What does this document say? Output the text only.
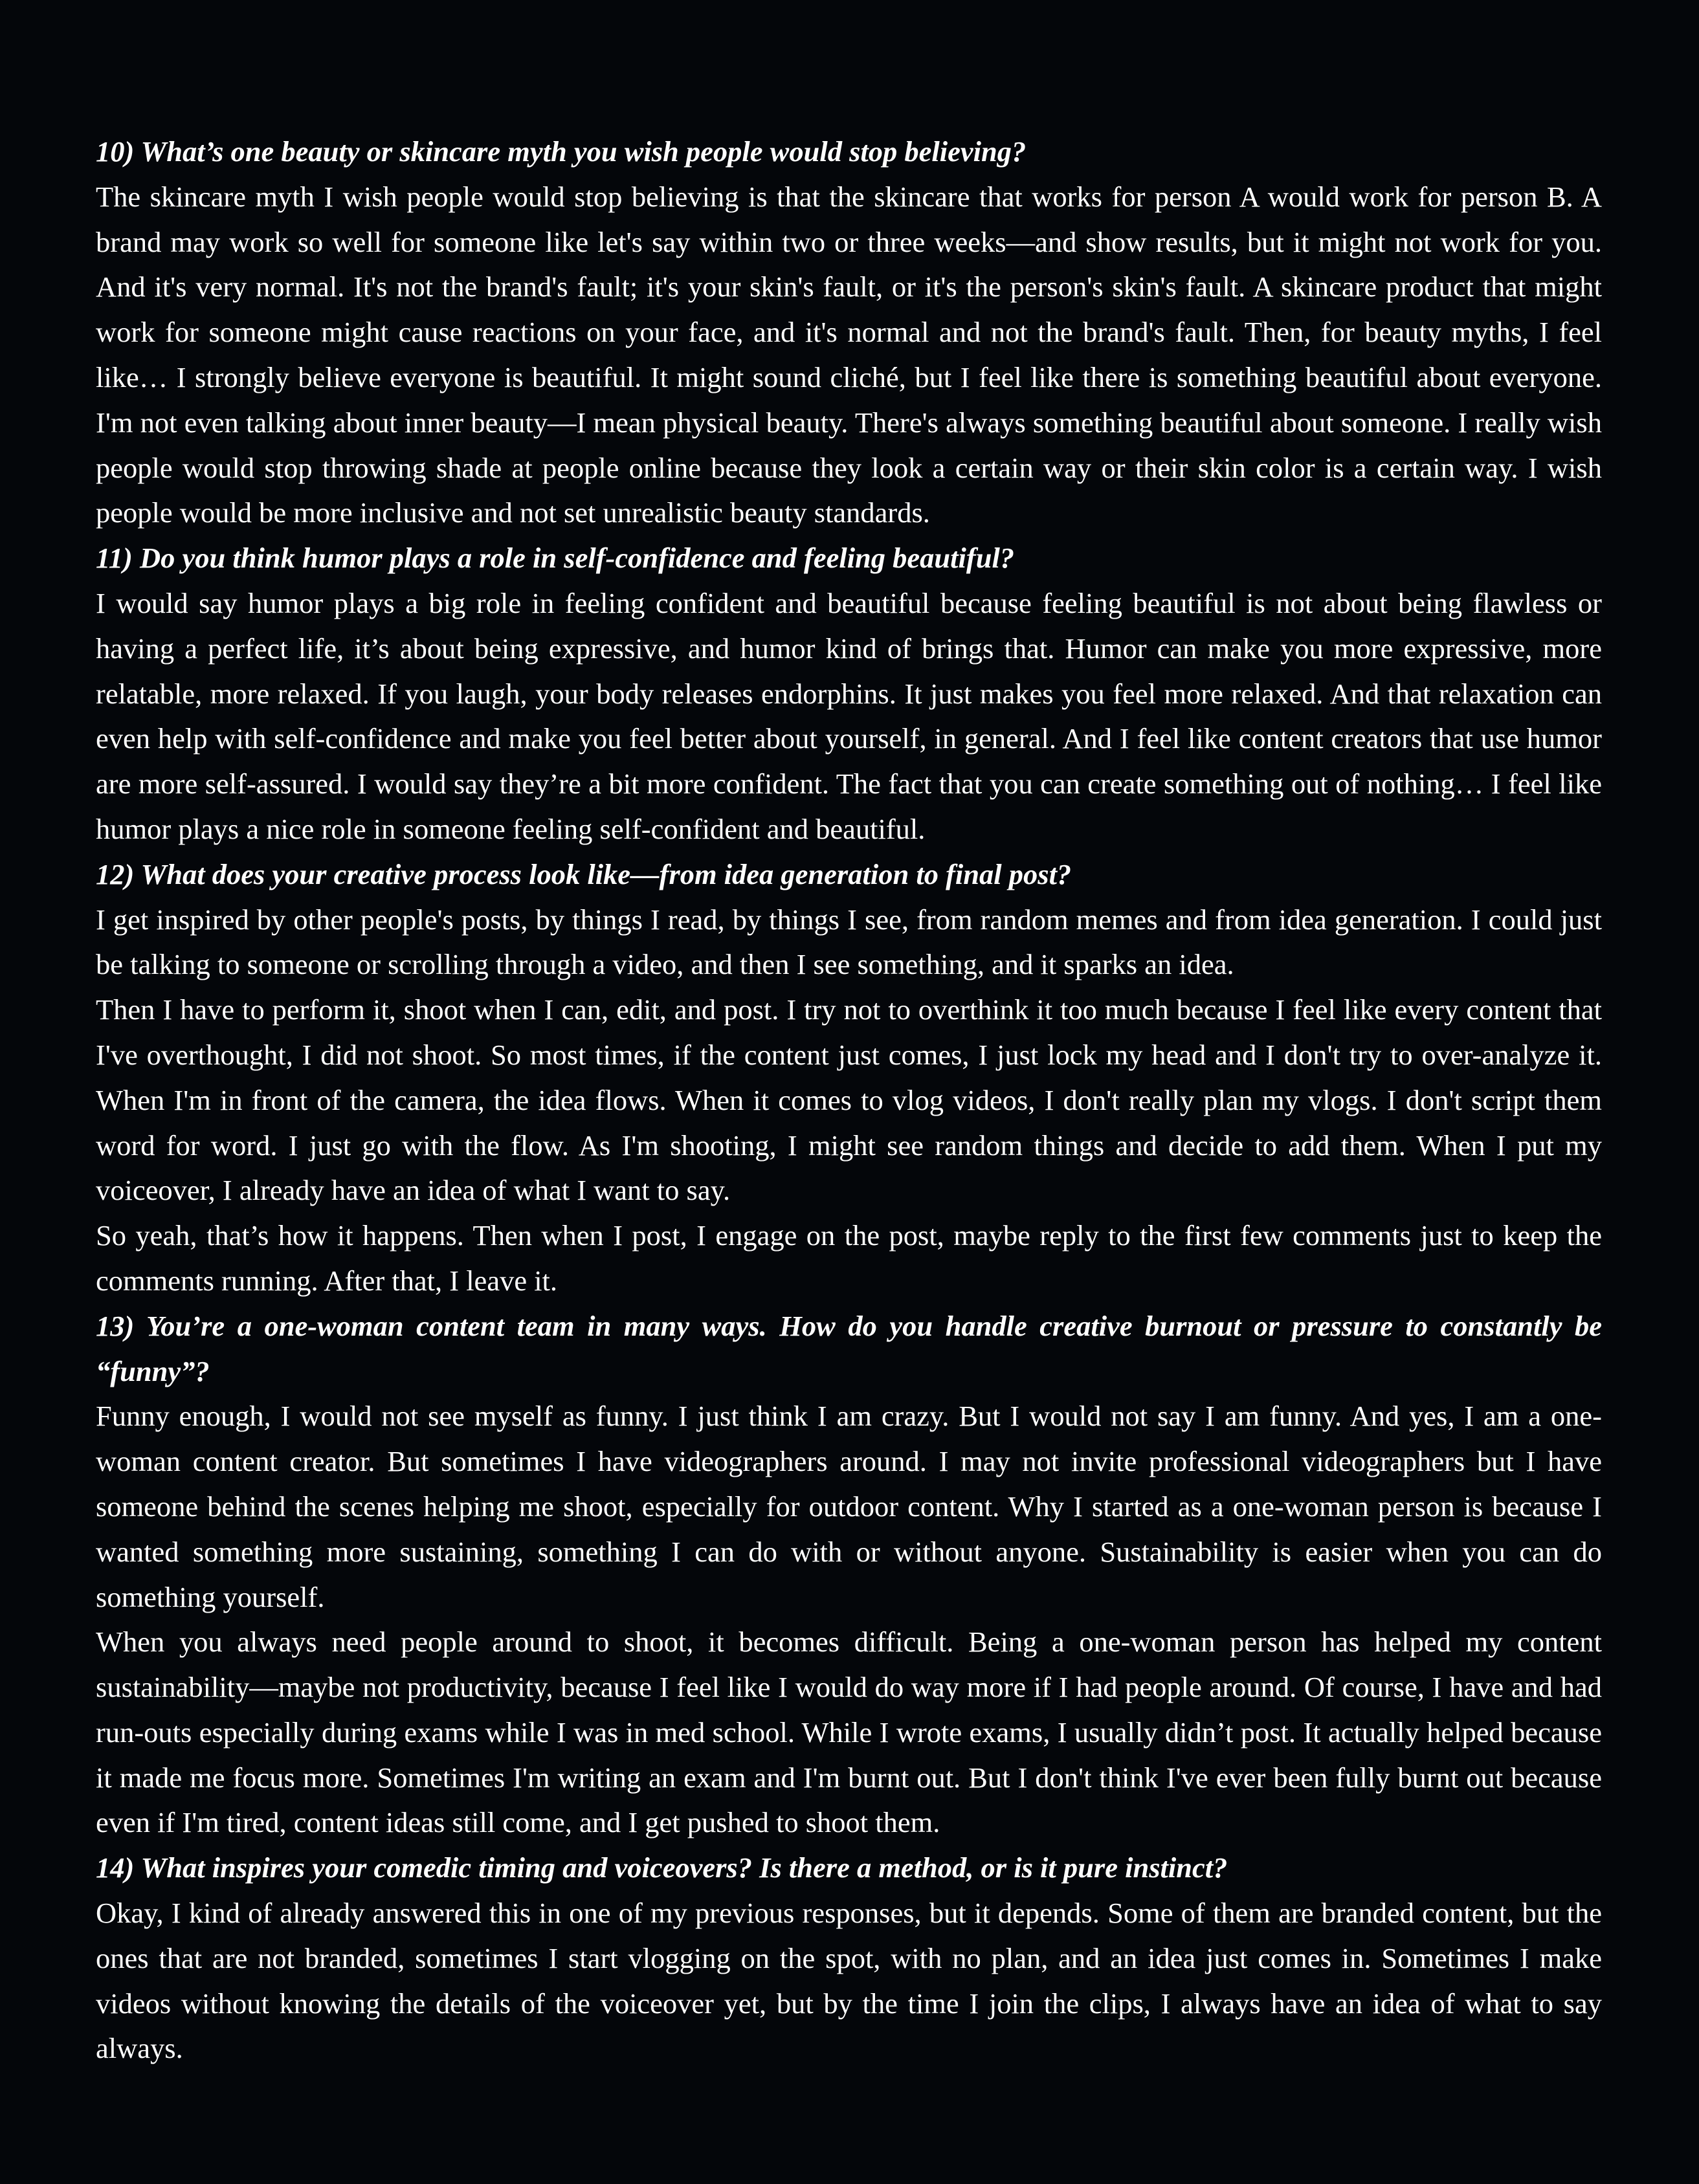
10) What’s one beauty or skincare myth you wish people would stop believing?

The skincare myth I wish people would stop believing is that the skincare that works for person A would work for person B. A brand may work so well for someone like let's say within two or three weeks—and show results, but it might not work for you. And it's very normal. It's not the brand's fault; it's your skin's fault, or it's the person's skin's fault. A skincare product that might work for someone might cause reactions on your face, and it's normal and not the brand's fault. Then, for beauty myths, I feel like… I strongly believe everyone is beautiful. It might sound cliché, but I feel like there is something beautiful about everyone. I'm not even talking about inner beauty—I mean physical beauty. There's always something beautiful about someone. I really wish people would stop throwing shade at people online because they look a certain way or their skin color is a certain way. I wish people would be more inclusive and not set unrealistic beauty standards.

11) Do you think humor plays a role in self-confidence and feeling beautiful?

I would say humor plays a big role in feeling confident and beautiful because feeling beautiful is not about being flawless or having a perfect life, it’s about being expressive, and humor kind of brings that. Humor can make you more expressive, more relatable, more relaxed. If you laugh, your body releases endorphins. It just makes you feel more relaxed. And that relaxation can even help with self-confidence and make you feel better about yourself, in general. And I feel like content creators that use humor are more self-assured. I would say they’re a bit more confident. The fact that you can create something out of nothing… I feel like humor plays a nice role in someone feeling self-confident and beautiful.

12) What does your creative process look like—from idea generation to final post?

I get inspired by other people's posts, by things I read, by things I see, from random memes and from idea generation. I could just be talking to someone or scrolling through a video, and then I see something, and it sparks an idea.

Then I have to perform it, shoot when I can, edit, and post. I try not to overthink it too much because I feel like every content that I've overthought, I did not shoot. So most times, if the content just comes, I just lock my head and I don't try to over-analyze it. When I'm in front of the camera, the idea flows. When it comes to vlog videos, I don't really plan my vlogs. I don't script them word for word. I just go with the flow. As I'm shooting, I might see random things and decide to add them. When I put my voiceover, I already have an idea of what I want to say.

So yeah, that’s how it happens. Then when I post, I engage on the post, maybe reply to the first few comments just to keep the comments running. After that, I leave it.

13) You’re a one-woman content team in many ways. How do you handle creative burnout or pressure to constantly be “funny”?

Funny enough, I would not see myself as funny. I just think I am crazy. But I would not say I am funny. And yes, I am a one-woman content creator. But sometimes I have videographers around. I may not invite professional videographers but I have someone behind the scenes helping me shoot, especially for outdoor content. Why I started as a one-woman person is because I wanted something more sustaining, something I can do with or without anyone. Sustainability is easier when you can do something yourself.

When you always need people around to shoot, it becomes difficult. Being a one-woman person has helped my content sustainability—maybe not productivity, because I feel like I would do way more if I had people around. Of course, I have and had run-outs especially during exams while I was in med school. While I wrote exams, I usually didn’t post. It actually helped because it made me focus more. Sometimes I'm writing an exam and I'm burnt out. But I don't think I've ever been fully burnt out because even if I'm tired, content ideas still come, and I get pushed to shoot them.

14) What inspires your comedic timing and voiceovers? Is there a method, or is it pure instinct?

Okay, I kind of already answered this in one of my previous responses, but it depends. Some of them are branded content, but the ones that are not branded, sometimes I start vlogging on the spot, with no plan, and an idea just comes in. Sometimes I make videos without knowing the details of the voiceover yet, but by the time I join the clips, I always have an idea of what to say always.
